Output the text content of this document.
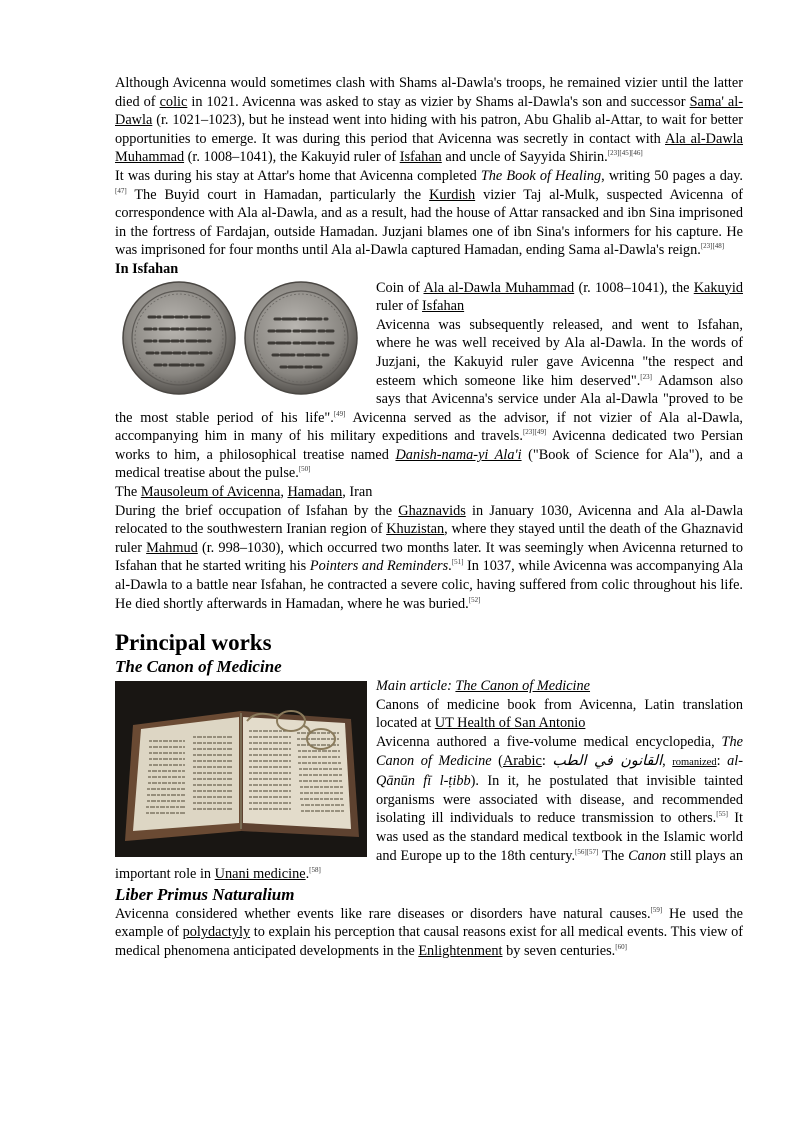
Although Avicenna would sometimes clash with Shams al-Dawla's troops, he remained vizier until the latter died of colic in 1021. Avicenna was asked to stay as vizier by Shams al-Dawla's son and successor Sama' al-Dawla (r. 1021–1023), but he instead went into hiding with his patron, Abu Ghalib al-Attar, to wait for better opportunities to emerge. It was during this period that Avicenna was secretly in contact with Ala al-Dawla Muhammad (r. 1008–1041), the Kakuyid ruler of Isfahan and uncle of Sayyida Shirin.[23][45][46]

It was during his stay at Attar's home that Avicenna completed The Book of Healing, writing 50 pages a day.[47] The Buyid court in Hamadan, particularly the Kurdish vizier Taj al-Mulk, suspected Avicenna of correspondence with Ala al-Dawla, and as a result, had the house of Attar ransacked and ibn Sina imprisoned in the fortress of Fardajan, outside Hamadan. Juzjani blames one of ibn Sina's informers for his capture. He was imprisoned for four months until Ala al-Dawla captured Hamadan, ending Sama al-Dawla's reign.[23][48]

In Isfahan

Coin of Ala al-Dawla Muhammad (r. 1008–1041), the Kakuyid ruler of Isfahan

Avicenna was subsequently released, and went to Isfahan, where he was well received by Ala al-Dawla. In the words of Juzjani, the Kakuyid ruler gave Avicenna "the respect and esteem which someone like him deserved".[23] Adamson also says that Avicenna's service under Ala al-Dawla "proved to be the most stable period of his life".[49] Avicenna served as the advisor, if not vizier of Ala al-Dawla, accompanying him in many of his military expeditions and travels.[23][49] Avicenna dedicated two Persian works to him, a philosophical treatise named Danish-nama-yi Ala'i ("Book of Science for Ala"), and a medical treatise about the pulse.[50]

The Mausoleum of Avicenna, Hamadan, Iran

During the brief occupation of Isfahan by the Ghaznavids in January 1030, Avicenna and Ala al-Dawla relocated to the southwestern Iranian region of Khuzistan, where they stayed until the death of the Ghaznavid ruler Mahmud (r. 998–1030), which occurred two months later. It was seemingly when Avicenna returned to Isfahan that he started writing his Pointers and Reminders.[51] In 1037, while Avicenna was accompanying Ala al-Dawla to a battle near Isfahan, he contracted a severe colic, having suffered from colic throughout his life. He died shortly afterwards in Hamadan, where he was buried.[52]

Principal works
The Canon of Medicine

Main article: The Canon of Medicine

Canons of medicine book from Avicenna, Latin translation located at UT Health of San Antonio

Avicenna authored a five-volume medical encyclopedia, The Canon of Medicine (Arabic: القانون في الطب, romanized: al-Qānūn fī l-ṭibb). In it, he postulated that invisible tainted organisms were associated with disease, and recommended isolating ill individuals to reduce transmission to others.[55] It was used as the standard medical textbook in the Islamic world and Europe up to the 18th century.[56][57] The Canon still plays an important role in Unani medicine.[58]

Liber Primus Naturalium

Avicenna considered whether events like rare diseases or disorders have natural causes.[59] He used the example of polydactyly to explain his perception that causal reasons exist for all medical events. This view of medical phenomena anticipated developments in the Enlightenment by seven centuries.[60]
